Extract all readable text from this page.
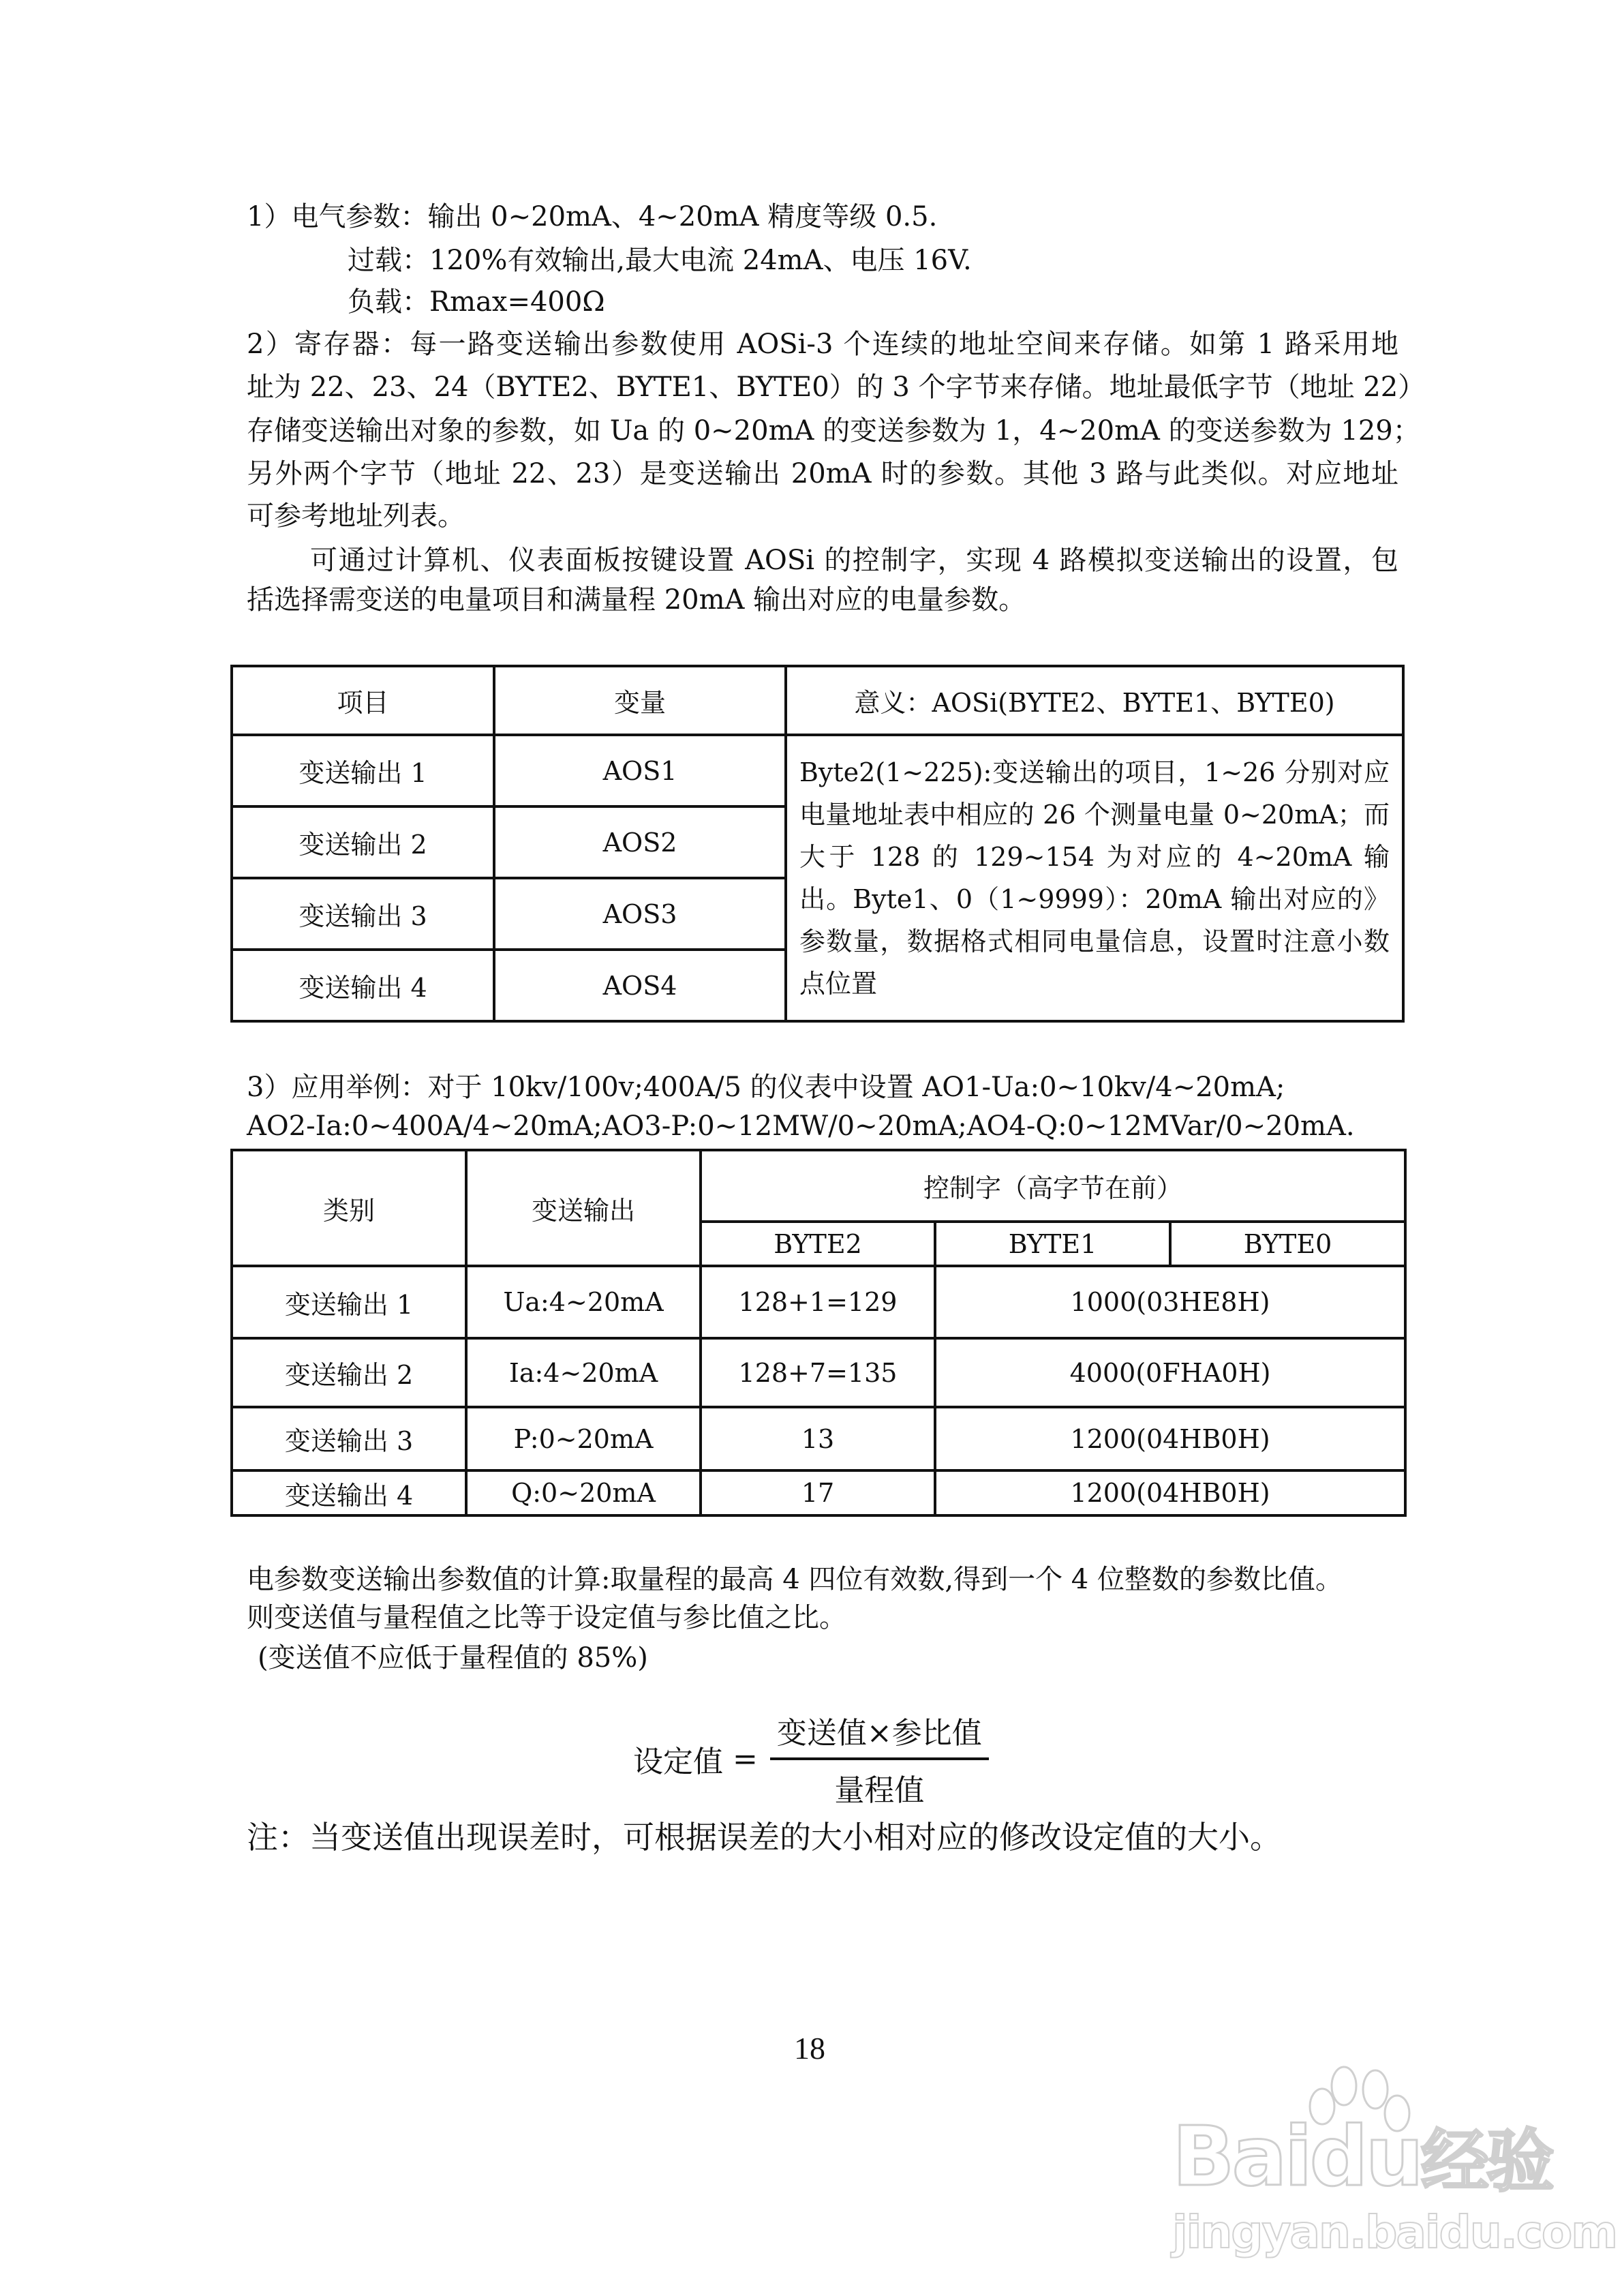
1）电气参数：输出 0~20mA、4~20mA 精度等级 0.5.
过载：120%有效输出,最大电流 24mA、电压 16V.
负载：Rmax=400Ω
2）寄存器：每一路变送输出参数使用 AOSi-3 个连续的地址空间来存储。如第 1 路采用地
址为 22、23、24（BYTE2、BYTE1、BYTE0）的 3 个字节来存储。地址最低字节（地址 22）
存储变送输出对象的参数，如 Ua 的 0~20mA 的变送参数为 1，4~20mA 的变送参数为 129；
另外两个字节（地址 22、23）是变送输出 20mA 时的参数。其他 3 路与此类似。对应地址
可参考地址列表。
可通过计算机、仪表面板按键设置 AOSi 的控制字，实现 4 路模拟变送输出的设置，包
括选择需变送的电量项目和满量程 20mA 输出对应的电量参数。
项目	变量	意义：AOSi(BYTE2、BYTE1、BYTE0)
变送输出 1	AOS1	Byte2(1~225):变送输出的项目，1~26 分别对应电量地址表中相应的 26 个测量电量 0~20mA；而大于 128 的 129~154 为对应的 4~20mA 输出。Byte1、0（1~9999）：20mA 输出对应的》参数量，数据格式相同电量信息，设置时注意小数点位置
变送输出 2	AOS2	
变送输出 3	AOS3	
变送输出 4	AOS4	
3）应用举例：对于 10kv/100v;400A/5 的仪表中设置 AO1-Ua:0~10kv/4~20mA;
AO2-Ia:0~400A/4~20mA;AO3-P:0~12MW/0~20mA;AO4-Q:0~12MVar/0~20mA.
类别	变送输出	控制字（高字节在前）		
		BYTE2	BYTE1	BYTE0
变送输出 1	Ua:4~20mA	128+1=129	1000(03HE8H)	
变送输出 2	Ia:4~20mA	128+7=135	4000(0FHA0H)	
变送输出 3	P:0~20mA	13	1200(04HB0H)	
变送输出 4	Q:0~20mA	17	1200(04HB0H)	
电参数变送输出参数值的计算:取量程的最高 4 四位有效数,得到一个 4 位整数的参数比值。
则变送值与量程值之比等于设定值与参比值之比。
(变送值不应低于量程值的 85%)
设定值 = $\frac{\text{变送值×参比值}}{\text{量程值}}$
注：当变送值出现误差时，可根据误差的大小相对应的修改设定值的大小。
18
Baidu经验
jingyan.baidu.com
